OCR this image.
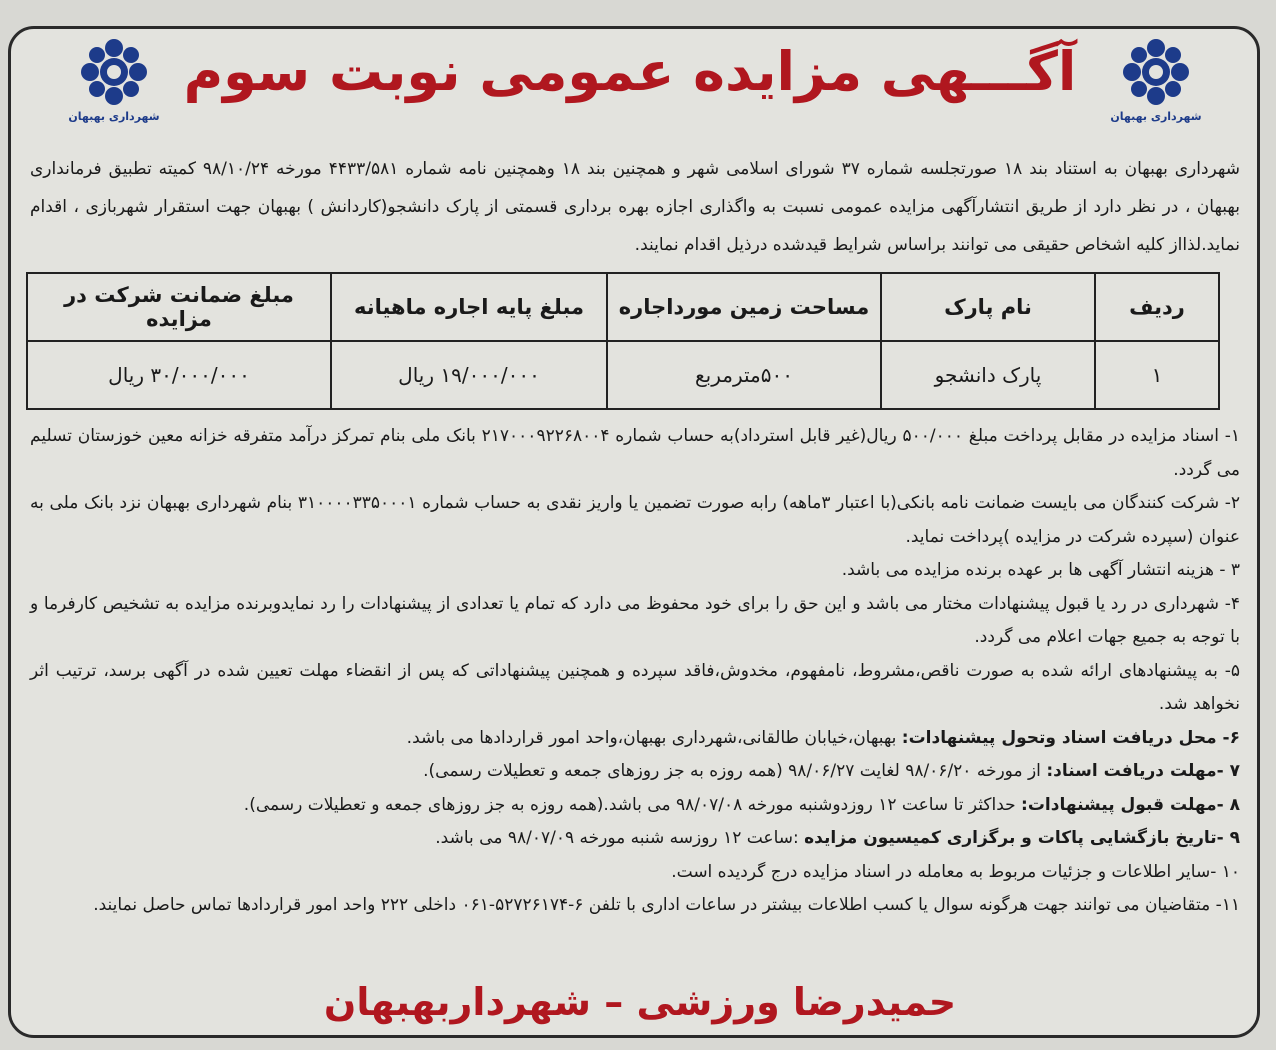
شهرداری بهبهان
شهرداری بهبهان
آگـــهی مزایده عمومی نوبت سوم
شهرداری بهبهان به استناد بند ۱۸ صورتجلسه شماره ۳۷ شورای اسلامی شهر و همچنین بند ۱۸ وهمچنین نامه شماره ۴۴۳۳/۵۸۱ مورخه ۹۸/۱۰/۲۴ کمیته تطبیق فرمانداری بهبهان ، در نظر دارد از طریق انتشارآگهی مزایده عمومی نسبت به واگذاری اجازه بهره برداری قسمتی از پارک دانشجو(کاردانش ) بهبهان جهت استقرار شهربازی ، اقدام نماید.لذااز کلیه اشخاص حقیقی می توانند براساس شرایط قیدشده درذیل اقدام نمایند.
ردیف	نام پارک	مساحت زمین مورداجاره	مبلغ پایه اجاره ماهیانه	مبلغ ضمانت شرکت در مزایده
۱	پارک دانشجو	۵۰۰مترمربع	۱۹/۰۰۰/۰۰۰ ریال	۳۰/۰۰۰/۰۰۰ ریال

۱- اسناد مزایده در مقابل پرداخت مبلغ ۵۰۰/۰۰۰ ریال(غیر قابل استرداد)به حساب شماره ۲۱۷۰۰۰۹۲۲۶۸۰۰۴ بانک ملی بنام تمرکز درآمد متفرقه خزانه معین خوزستان تسلیم می گردد.

۲- شرکت کنندگان می بایست ضمانت نامه بانکی(با اعتبار ۳ماهه) رابه صورت تضمین یا واریز نقدی به حساب شماره ۳۱۰۰۰۰۳۳۵۰۰۰۱ بنام شهرداری بهبهان نزد بانک ملی به عنوان (سپرده شرکت در مزایده )پرداخت نماید.

۳ - هزینه انتشار آگهی ها بر عهده برنده مزایده می باشد.

۴- شهرداری در رد یا قبول پیشنهادات مختار می باشد و این حق را برای خود محفوظ می دارد که تمام یا تعدادی از پیشنهادات را رد نمایدوبرنده مزایده به تشخیص کارفرما و با توجه به جمیع جهات اعلام می گردد.

۵- به پیشنهادهای ارائه شده به صورت ناقص،مشروط، نامفهوم، مخدوش،فاقد سپرده و همچنین پیشنهاداتی که پس از انقضاء مهلت تعیین شده در آگهی برسد، ترتیب اثر نخواهد شد.

۶- محل دریافت اسناد وتحول پیشنهادات: بهبهان،خیابان طالقانی،شهرداری بهبهان،واحد امور قراردادها می باشد.

۷ -مهلت دریافت اسناد: از مورخه ۹۸/۰۶/۲۰ لغایت ۹۸/۰۶/۲۷ (همه روزه به جز روزهای جمعه و تعطیلات رسمی).

۸ -مهلت قبول پیشنهادات: حداکثر تا ساعت ۱۲ روزدوشنبه مورخه ۹۸/۰۷/۰۸ می باشد.(همه روزه به جز روزهای جمعه و تعطیلات رسمی).

۹ -تاریخ بازگشایی پاکات و برگزاری کمیسیون مزایده :ساعت ۱۲ روزسه شنبه مورخه ۹۸/۰۷/۰۹ می باشد.

۱۰ -سایر اطلاعات و جزئیات مربوط به معامله در اسناد مزایده درج گردیده است.

۱۱- متقاضیان می توانند جهت هرگونه سوال یا کسب اطلاعات بیشتر در ساعات اداری با تلفن ۶-۵۲۷۲۶۱۷۴-۰۶۱ داخلی ۲۲۲ واحد امور قراردادها تماس حاصل نمایند.

حمیدرضا ورزشی – شهرداربهبهان
